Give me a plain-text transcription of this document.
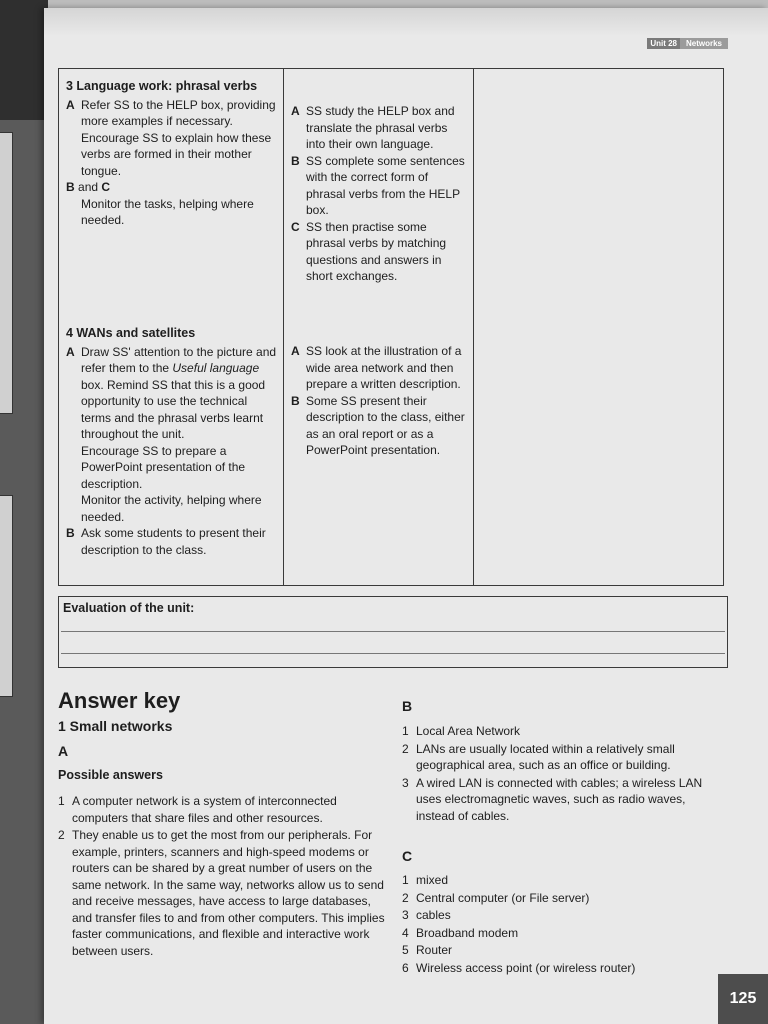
Unit 28	Networks
3 Language work: phrasal verbs
A Refer SS to the HELP box, providing more examples if necessary. Encourage SS to explain how these verbs are formed in their mother tongue.
B and C
Monitor the tasks, helping where needed.
A SS study the HELP box and translate the phrasal verbs into their own language.
B SS complete some sentences with the correct form of phrasal verbs from the HELP box.
C SS then practise some phrasal verbs by matching questions and answers in short exchanges.
4 WANs and satellites
A Draw SS' attention to the picture and refer them to the Useful language box. Remind SS that this is a good opportunity to use the technical terms and the phrasal verbs learnt throughout the unit.
Encourage SS to prepare a PowerPoint presentation of the description.
Monitor the activity, helping where needed.
B Ask some students to present their description to the class.
A SS look at the illustration of a wide area network and then prepare a written description.
B Some SS present their description to the class, either as an oral report or as a PowerPoint presentation.
Evaluation of the unit:
Answer key
1 Small networks
A
Possible answers
1 A computer network is a system of interconnected computers that share files and other resources.
2 They enable us to get the most from our peripherals. For example, printers, scanners and high-speed modems or routers can be shared by a great number of users on the same network. In the same way, networks allow us to send and receive messages, have access to large databases, and transfer files to and from other computers. This implies faster communications, and flexible and interactive work between users.
B
1 Local Area Network
2 LANs are usually located within a relatively small geographical area, such as an office or building.
3 A wired LAN is connected with cables; a wireless LAN uses electromagnetic waves, such as radio waves, instead of cables.
C
1 mixed
2 Central computer (or File server)
3 cables
4 Broadband modem
5 Router
6 Wireless access point (or wireless router)
125
